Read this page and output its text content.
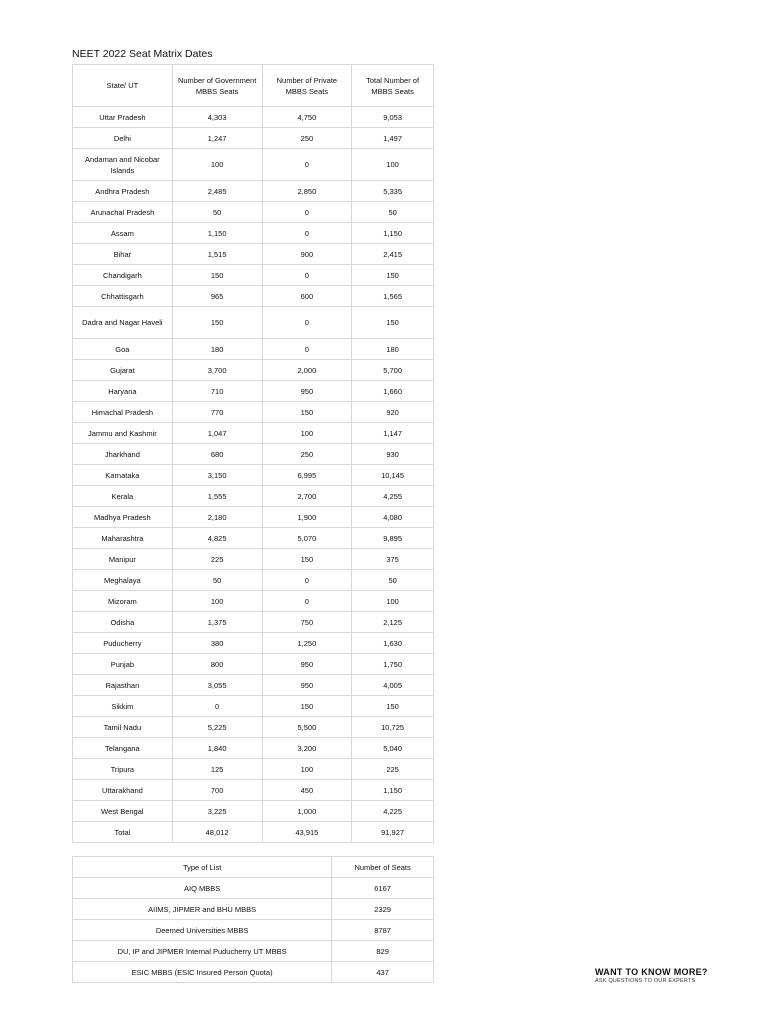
NEET 2022 Seat Matrix Dates
State/ UT	Number of Government MBBS Seats	Number of Private MBBS Seats	Total Number of MBBS Seats
Uttar Pradesh	4,303	4,750	9,053
Delhi	1,247	250	1,497
Andaman and Nicobar Islands	100	0	100
Andhra Pradesh	2,485	2,850	5,335
Arunachal Pradesh	50	0	50
Assam	1,150	0	1,150
Bihar	1,515	900	2,415
Chandigarh	150	0	150
Chhattisgarh	965	600	1,565
Dadra and Nagar Haveli	150	0	150
Goa	180	0	180
Gujarat	3,700	2,000	5,700
Haryana	710	950	1,660
Himachal Pradesh	770	150	920
Jammu and Kashmir	1,047	100	1,147
Jharkhand	680	250	930
Karnataka	3,150	6,995	10,145
Kerala	1,555	2,700	4,255
Madhya Pradesh	2,180	1,900	4,080
Maharashtra	4,825	5,070	9,895
Manipur	225	150	375
Meghalaya	50	0	50
Mizoram	100	0	100
Odisha	1,375	750	2,125
Puducherry	380	1,250	1,630
Punjab	800	950	1,750
Rajasthan	3,055	950	4,005
Sikkim	0	150	150
Tamil Nadu	5,225	5,500	10,725
Telangana	1,840	3,200	5,040
Tripura	125	100	225
Uttarakhand	700	450	1,150
West Bengal	3,225	1,000	4,225
Total	48,012	43,915	91,927
Type of List	Number of Seats
AIQ MBBS	6167
AIIMS, JIPMER and BHU MBBS	2329
Deemed Universities MBBS	8787
DU, IP and JIPMER Internal Puducherry UT MBBS	829
ESIC MBBS (ESIC Insured Person Quota)	437	WANT TO KNOW MORE?
ASK QUESTIONS TO OUR EXPERTS
